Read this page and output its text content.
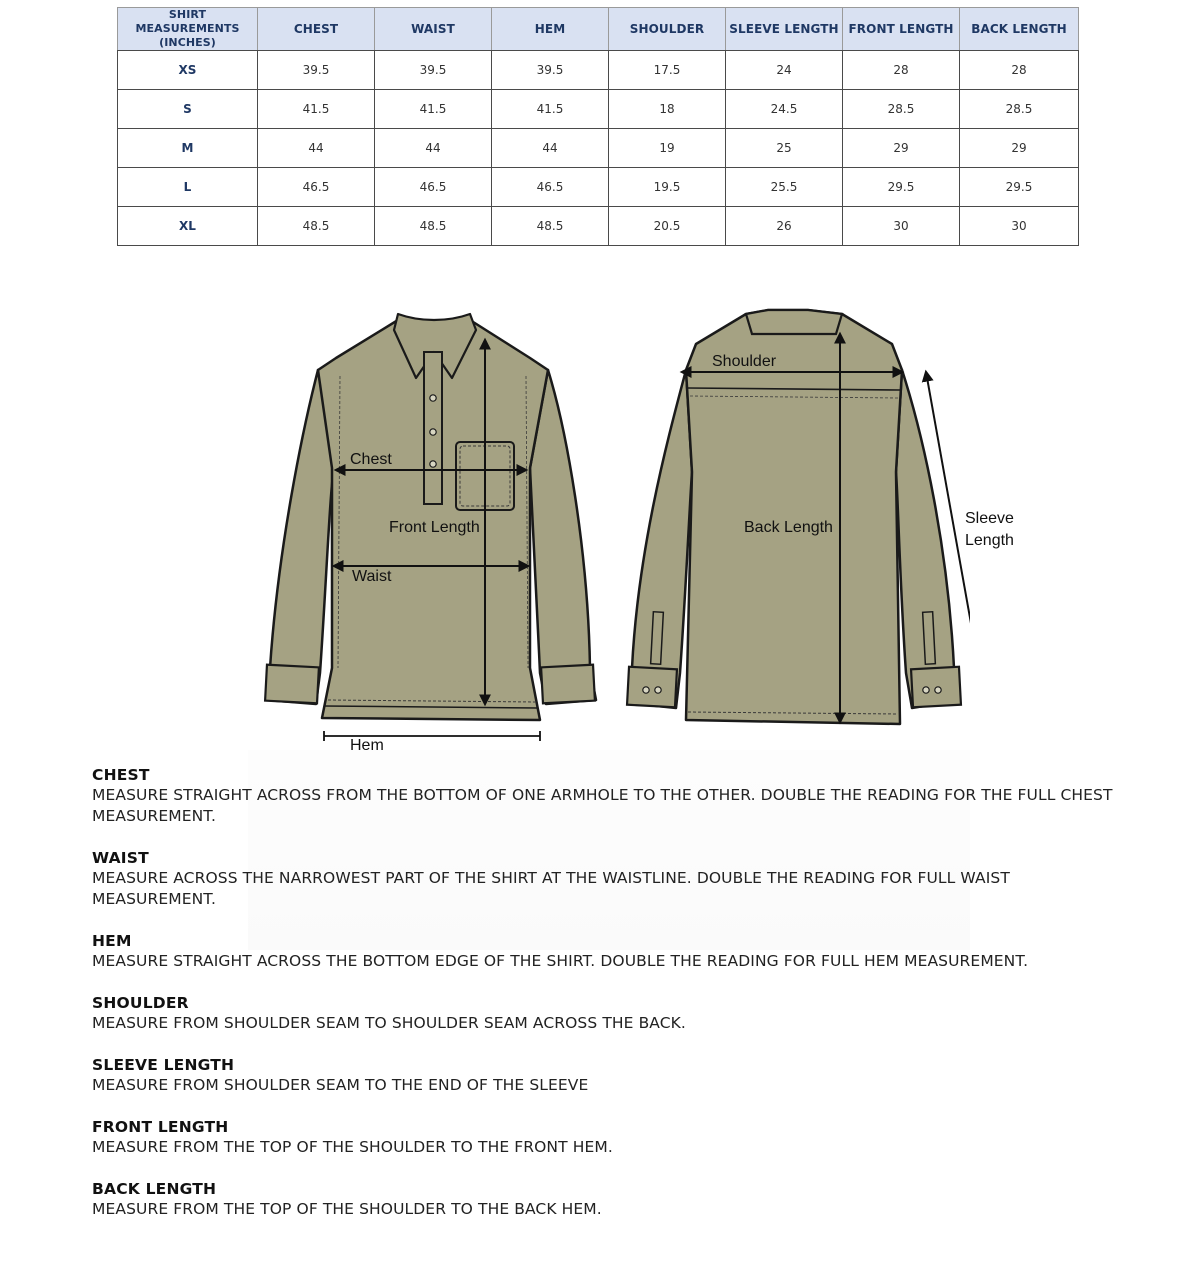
SHIRT MEASUREMENTS (INCHES)	CHEST	WAIST	HEM	SHOULDER	SLEEVE LENGTH	FRONT LENGTH	BACK LENGTH
XS	39.5	39.5	39.5	17.5	24	28	28
S	41.5	41.5	41.5	18	24.5	28.5	28.5
M	44	44	44	19	25	29	29
L	46.5	46.5	46.5	19.5	25.5	29.5	29.5
XL	48.5	48.5	48.5	20.5	26	30	30
Chest
Front Length
Waist
Hem
Shoulder
Back Length
Sleeve
Length
CHEST
MEASURE STRAIGHT ACROSS FROM THE BOTTOM OF ONE ARMHOLE TO THE OTHER. DOUBLE THE READING FOR THE FULL CHEST MEASUREMENT.
WAIST
MEASURE ACROSS THE NARROWEST PART OF THE SHIRT AT THE WAISTLINE. DOUBLE THE READING FOR FULL WAIST MEASUREMENT.
HEM
MEASURE STRAIGHT ACROSS THE BOTTOM EDGE OF THE SHIRT. DOUBLE THE READING FOR FULL HEM MEASUREMENT.
SHOULDER
MEASURE FROM SHOULDER SEAM TO SHOULDER SEAM ACROSS THE BACK.
SLEEVE LENGTH
MEASURE FROM SHOULDER SEAM TO THE END OF THE SLEEVE
FRONT LENGTH
MEASURE FROM THE TOP OF THE SHOULDER TO THE FRONT HEM.
BACK LENGTH
MEASURE FROM THE TOP OF THE SHOULDER TO THE BACK HEM.
